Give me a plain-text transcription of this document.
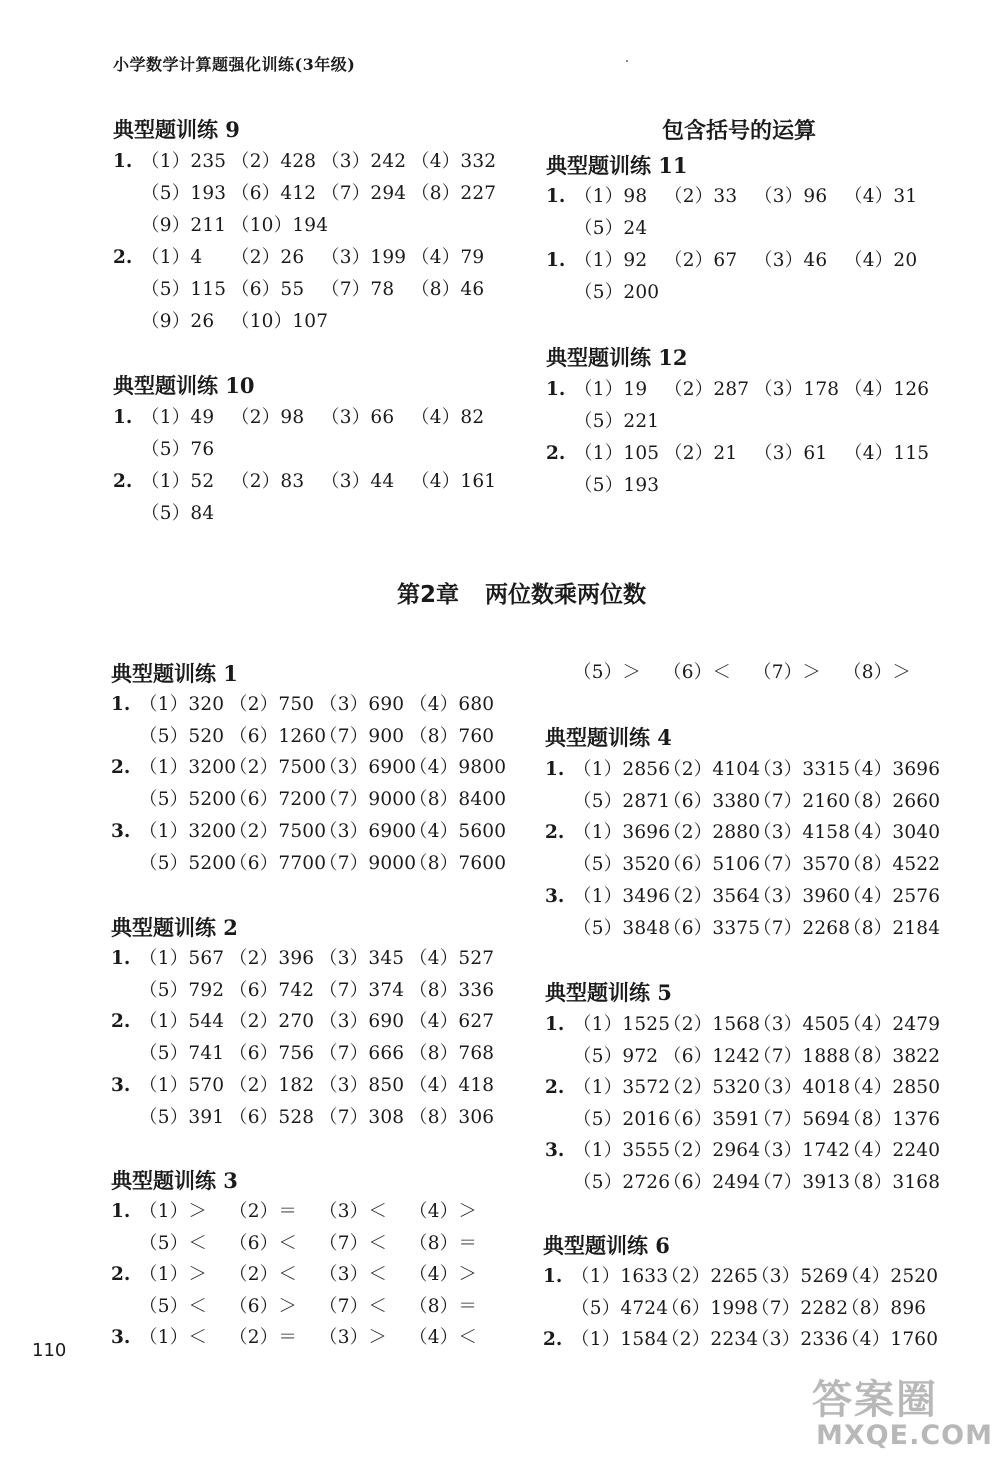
小学数学计算题强化训练(3年级)
包含括号的运算
第2章 两位数乘两位数
典型题训练 9
1. （1）235 （2）428 （3）242 （4）332
（5）193 （6）412 （7）294 （8）227
（9）211 （10）194
2. （1）4 （2）26 （3）199 （4）79
（5）115 （6）55 （7）78 （8）46
（9）26 （10）107
典型题训练 10
1. （1）49 （2）98 （3）66 （4）82
（5）76
2. （1）52 （2）83 （3）44 （4）161
（5）84
典型题训练 11
1. （1）98 （2）33 （3）96 （4）31
（5）24
1. （1）92 （2）67 （3）46 （4）20
（5）200
典型题训练 12
1. （1）19 （2）287 （3）178 （4）126
（5）221
2. （1）105 （2）21 （3）61 （4）115
（5）193
典型题训练 1
1. （1）320 （2）750 （3）690 （4）680
（5）520 （6）1260
（7）900 （8）760
2. （1）3200
（2）7500
（3）6900
（4）9800
（5）5200
（6）7200
（7）9000
（8）8400
3. （1）3200
（2）7500
（3）6900
（4）5600
（5）5200
（6）7700
（7）9000
（8）7600
典型题训练 2
1. （1）567 （2）396 （3）345 （4）527
（5）792 （6）742 （7）374 （8）336
2. （1）544 （2）270 （3）690 （4）627
（5）741 （6）756 （7）666 （8）768
3. （1）570 （2）182 （3）850 （4）418
（5）391 （6）528 （7）308 （8）306
典型题训练 3
1. （1）＞ （2）＝ （3）＜ （4）＞
（5）＜ （6）＜ （7）＜ （8）＝
2. （1）＞ （2）＜ （3）＜ （4）＞
（5）＜ （6）＞ （7）＜ （8）＝
3. （1）＜ （2）＝ （3）＞ （4）＜
（5）＞ （6）＜ （7）＞ （8）＞
典型题训练 4
1. （1）2856
（2）4104
（3）3315
（4）3696
（5）2871
（6）3380
（7）2160
（8）2660
2. （1）3696
（2）2880
（3）4158
（4）3040
（5）3520
（6）5106
（7）3570
（8）4522
3. （1）3496
（2）3564
（3）3960
（4）2576
（5）3848
（6）3375
（7）2268
（8）2184
典型题训练 5
1. （1）1525
（2）1568
（3）4505
（4）2479
（5）972 （6）1242
（7）1888
（8）3822
2. （1）3572
（2）5320
（3）4018
（4）2850
（5）2016
（6）3591
（7）5694
（8）1376
3. （1）3555
（2）2964
（3）1742
（4）2240
（5）2726
（6）2494
（7）3913
（8）3168
典型题训练 6
1. （1）1633
（2）2265
（3）5269
（4）2520
（5）4724
（6）1998
（7）2282
（8）896
2. （1）1584
（2）2234
（3）2336
（4）1760
110
答案圈
MXQE.COM
